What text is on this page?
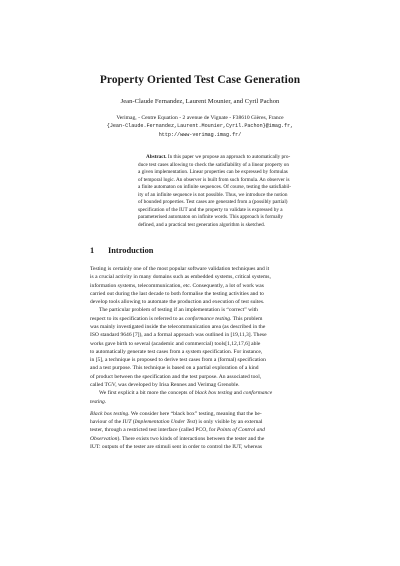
Property Oriented Test Case Generation
Jean-Claude Fernandez, Laurent Mounier, and Cyril Pachon
Verimag, - Centre Equation - 2 avenue de Vignate - F38610 Gières, France
{Jean-Claude.Fernandez,Laurent.Mounier,Cyril.Pachon}@imag.fr,
http://www-verimag.imag.fr/
Abstract. In this paper we propose an approach to automatically pro-
duce test cases allowing to check the satisfiability of a linear property on
a given implementation. Linear properties can be expressed by formulas
of temporal logic. An observer is built from such formula. An observer is
a finite automaton on infinite sequences. Of course, testing the satisfiabil-
ity of an infinite sequence is not possible. Thus, we introduce the notion
of bounded properties. Test cases are generated from a (possibly partial)
specification of the IUT and the property to validate is expressed by a
parameterised automaton on infinite words. This approach is formally
defined, and a practical test generation algorithm is sketched.
1 Introduction
Testing is certainly one of the most popular software validation techniques and it
is a crucial activity in many domains such as embedded systems, critical systems,
information systems, telecommunication, etc. Consequently, a lot of work was
carried out during the last decade to both formalise the testing activities and to
develop tools allowing to automate the production and execution of test suites.
The particular problem of testing if an implementation is “correct” with
respect to its specification is referred to as conformance testing. This problem
was mainly investigated inside the telecommunication area (as described in the
ISO standard 9646 [7]), and a formal approach was outlined in [19,11,3]. These
works gave birth to several (academic and commercial) tools[1,12,17,6] able
to automatically generate test cases from a system specification. For instance,
in [5], a technique is proposed to derive test cases from a (formal) specification
and a test purpose. This technique is based on a partial exploration of a kind
of product between the specification and the test purpose. An associated tool,
called TGV, was developed by Irisa Rennes and Verimag Grenoble.
We first explicit a bit more the concepts of black box testing and conformance
testing.
Black box testing. We consider here “black box” testing, meaning that the be-
haviour of the IUT (Implementation Under Test) is only visible by an external
tester, through a restricted test interface (called PCO, for Points of Control and
Observation). There exists two kinds of interactions between the tester and the
IUT: outputs of the tester are stimuli sent in order to control the IUT, whereas
